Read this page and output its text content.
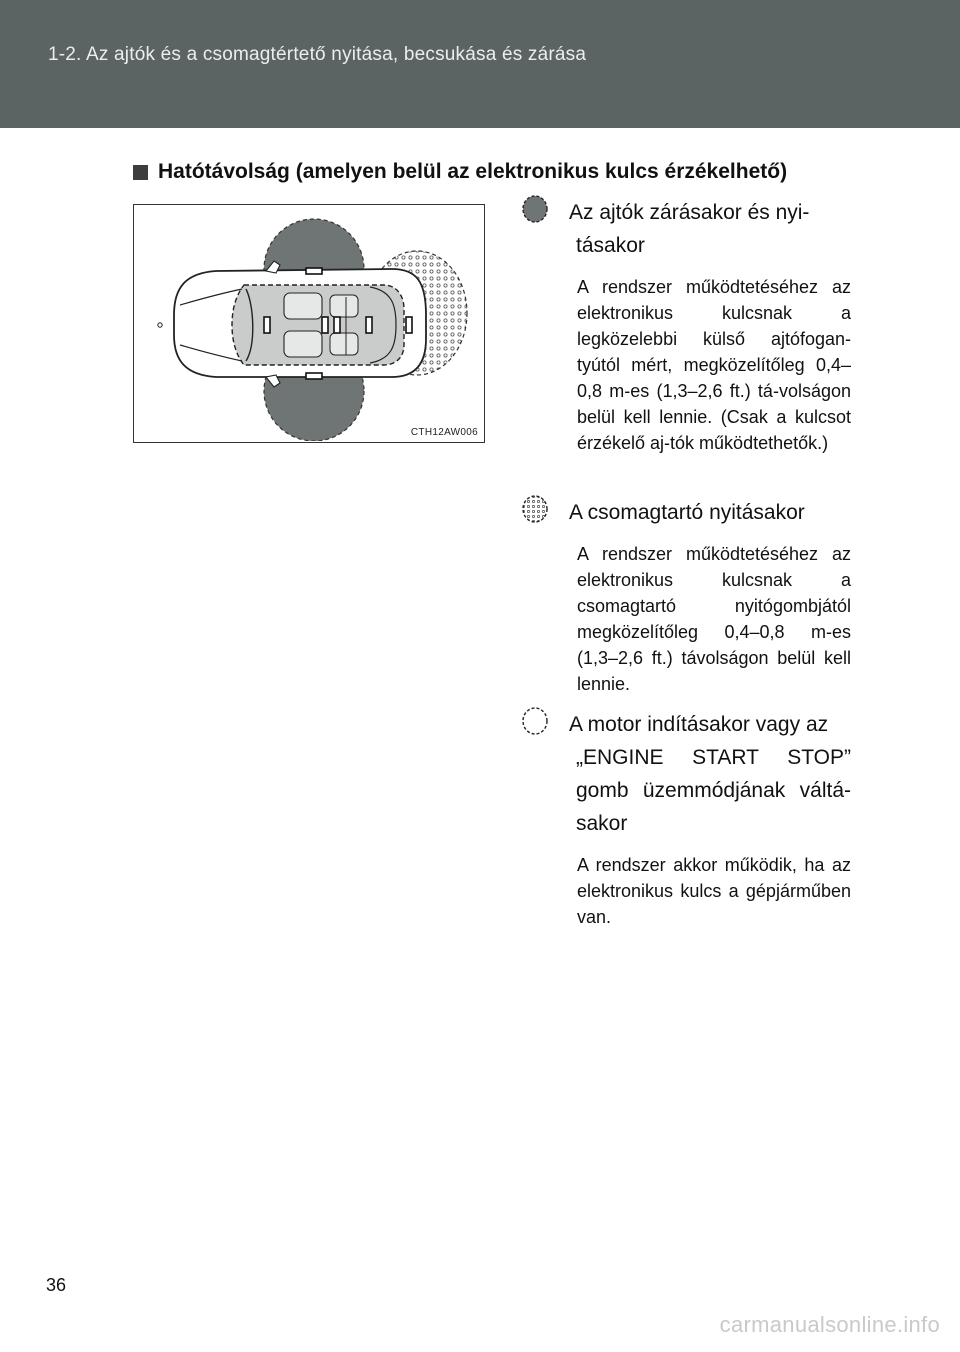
1-2. Az ajtók és a csomagtértető nyitása, becsukása és zárása
Hatótávolság (amelyen belül az elektronikus kulcs érzékelhető)
CTH12AW006
Az ajtók zárásakor és nyi-
tásakor
A rendszer működtetéséhez az elektronikus kulcsnak a legközelebbi külső ajtófogan-tyútól mért, megközelítőleg 0,4–0,8 m-es (1,3–2,6 ft.) tá-volságon belül kell lennie. (Csak a kulcsot érzékelő aj-tók működtethetők.)
A csomagtartó nyitásakor
A rendszer működtetéséhez az elektronikus kulcsnak a csomagtartó nyitógombjától megközelítőleg 0,4–0,8 m-es (1,3–2,6 ft.) távolságon belül kell lennie.
A motor indításakor vagy az
„ENGINE START STOP” gomb üzemmódjának váltá-sakor
A rendszer akkor működik, ha az elektronikus kulcs a gépjárműben van.
36
carmanualsonline.info
